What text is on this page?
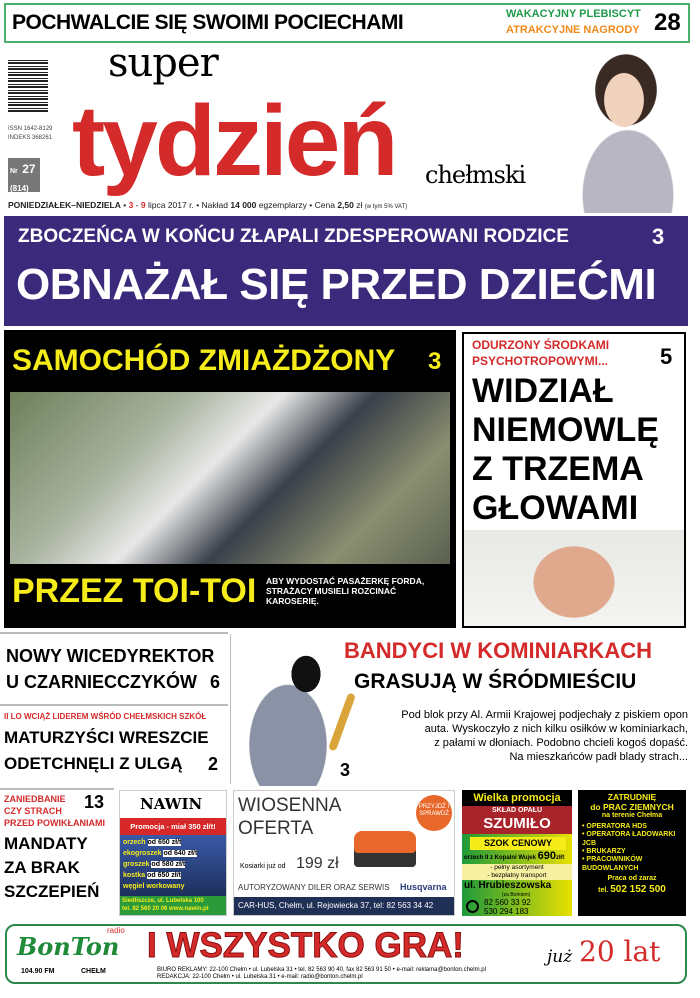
POCHWALCIE SIĘ SWOIMI POCIECHAMI	WAKACYJNY PLEBISCYT
ATRAKCYJNE NAGRODY 28
ISSN 1642-8129
INDEKS 368261
Nr 27
(814)
super
tydzień chełmski
PONIEDZIAŁEK–NIEDZIELA • 3 - 9 lipca 2017 r. • Nakład 14 000 egzemplarzy • Cena 2,50 zł (w tym 5% VAT)
ZBOCZEŃCA W KOŃCU ZŁAPALI ZDESPEROWANI RODZICE	3
OBNAŻAŁ SIĘ PRZED DZIEĆMI
SAMOCHÓD ZMIAŻDŻONY 3
PRZEZ TOI-TOI ABY WYDOSTAĆ PASAŻERKĘ FORDA,
STRAŻACY MUSIELI ROZCINAĆ KAROSERIĘ.
ODURZONY ŚRODKAMI
PSYCHOTROPOWYMI... 5
WIDZIAŁ
NIEMOWLĘ
Z TRZEMA
GŁOWAMI
NOWY WICEDYREKTOR
U CZARNIECCZYKÓW 6
II LO WCIĄŻ LIDEREM WŚRÓD CHEŁMSKICH SZKÓŁ
MATURZYŚCI WRESZCIE
ODETCHNĘLI Z ULGĄ 2
BANDYCI W KOMINIARKACH
GRASUJĄ W ŚRÓDMIEŚCIU
Pod blok przy Al. Armii Krajowej podjechały z piskiem opon
auta. Wyskoczyło z nich kilku osiłków w kominiarkach,
z pałami w dłoniach. Podobno chcieli kogoś dopaść.
Na mieszkańców padł blady strach...
3
ZANIEDBANIE
CZY STRACH
PRZED POWIKŁANIAMI
13
MANDATY
ZA BRAK
SZCZEPIEŃ
NAWIN
Promocja - miał 350 zł/t!
orzech od 650 zł/t
ekogroszek od 640 zł/t
groszek od 580 zł/t
kostka od 650 zł/t
węgiel workowany
Siedliszcze, ul. Lubelska 100
tel. 82 560 20 06 www.nawin.pl
WIOSENNA
OFERTA
PRZYJDŹ I SPRAWDŹ
Kosiarki już od 199 zł
AUTORYZOWANY DILER ORAZ SERWIS Husqvarna
CAR-HUS, Chełm, ul. Rejowiecka 37, tel: 82 563 34 42
Wielka promocja
SKŁAD OPAŁU
SZUMIŁO
SZOK CENOWY
orzech II z Kopalni Wujek 690zł/t
- pełny asortyment
- bezpłatny transport
ul. Hrubieszowska
(za Borkiem)
82 560 33 92
530 294 183
ZATRUDNIĘ
do PRAC ZIEMNYCH
na terenie Chełma
• OPERATORA HDS
• OPERATORA ŁADOWARKI JCB
• BRUKARZY
• PRACOWNIKÓW BUDOWLANYCH
Praca od zaraz
tel. 502 152 500
radio
BonTon
104.90 FM	CHEŁM
I WSZYSTKO GRA!
BIURO REKLAMY: 22-100 Chełm • ul. Lubelska 31 • tel. 82 563 90 40, fax 82 563 91 50 • e-mail: reklama@bonton.chelm.pl
REDAKCJA: 22-100 Chełm • ul. Lubelska 31 • e-mail: radio@bonton.chelm.pl
już 20 lat
